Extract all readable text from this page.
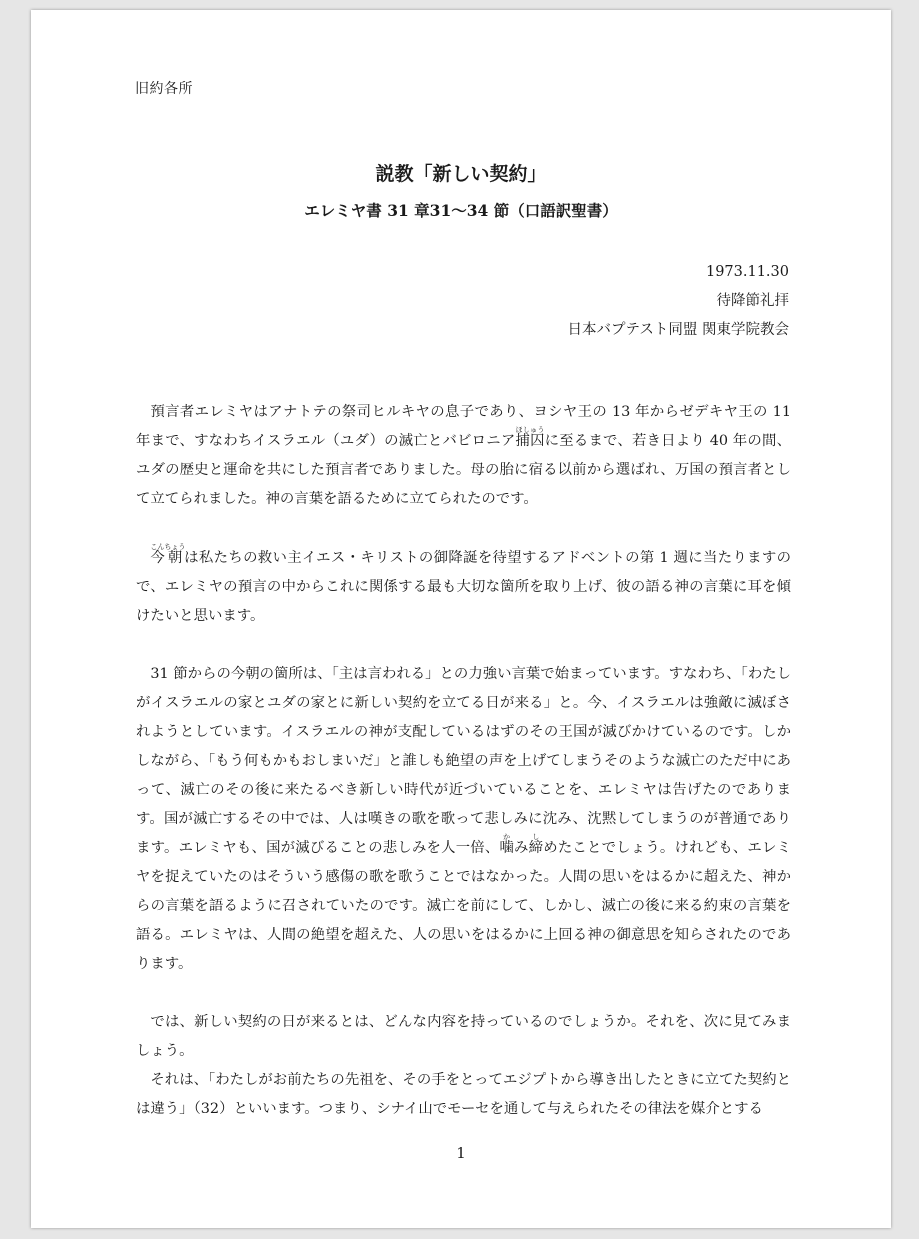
旧約各所
説教「新しい契約」
エレミヤ書 31 章31〜34 節（口語訳聖書）
1973.11.30
待降節礼拝
日本バプテスト同盟 関東学院教会

預言者エレミヤはアナトテの祭司ヒルキヤの息子であり、ヨシヤ王の 13 年からゼデキヤ王の 11 年まで、すなわちイスラエル（ユダ）の滅亡とバビロニア捕囚ほしゅうに至るまで、若き日より 40 年の間、ユダの歴史と運命を共にした預言者でありました。母の胎に宿る以前から選ばれ、万国の預言者として立てられました。神の言葉を語るために立てられたのです。

今朝こんちょうは私たちの救い主イエス・キリストの御降誕を待望するアドベントの第 1 週に当たりますので、エレミヤの預言の中からこれに関係する最も大切な箇所を取り上げ、彼の語る神の言葉に耳を傾けたいと思います。

31 節からの今朝の箇所は、「主は言われる」との力強い言葉で始まっています。すなわち、「わたしがイスラエルの家とユダの家とに新しい契約を立てる日が来る」と。今、イスラエルは強敵に滅ぼされようとしています。イスラエルの神が支配しているはずのその王国が滅びかけているのです。しかしながら、「もう何もかもおしまいだ」と誰しも絶望の声を上げてしまうそのような滅亡のただ中にあって、滅亡のその後に来たるべき新しい時代が近づいていることを、エレミヤは告げたのであります。国が滅亡するその中では、人は嘆きの歌を歌って悲しみに沈み、沈黙してしまうのが普通であります。エレミヤも、国が滅びることの悲しみを人一倍、噛かみ締しめたことでしょう。けれども、エレミヤを捉えていたのはそういう感傷の歌を歌うことではなかった。人間の思いをはるかに超えた、神からの言葉を語るように召されていたのです。滅亡を前にして、しかし、滅亡の後に来る約束の言葉を語る。エレミヤは、人間の絶望を超えた、人の思いをはるかに上回る神の御意思を知らされたのであります。

では、新しい契約の日が来るとは、どんな内容を持っているのでしょうか。それを、次に見てみましょう。

それは、「わたしがお前たちの先祖を、その手をとってエジプトから導き出したときに立てた契約とは違う」（32）といいます。つまり、シナイ山でモーセを通して与えられたその律法を媒介とする

1
